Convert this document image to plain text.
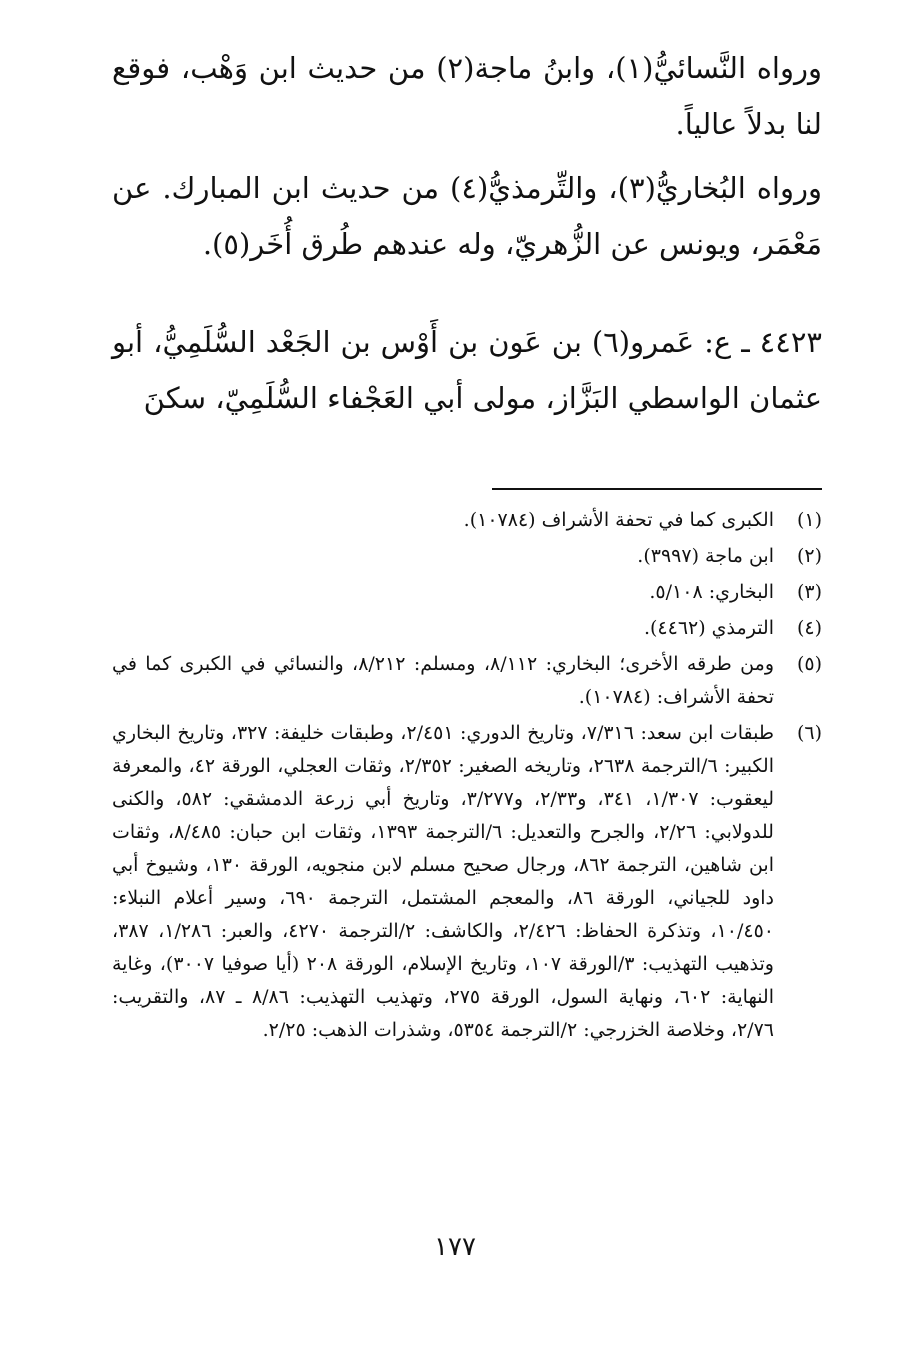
ورواه النَّسائيُّ(١)، وابنُ ماجة(٢) من حديث ابن وَهْب، فوقع لنا بدلاً عالياً.

ورواه البُخاريُّ(٣)، والتِّرمذيُّ(٤) من حديث ابن المبارك. عن مَعْمَر، ويونس عن الزُّهريّ، وله عندهم طُرق أُخَر(٥).

٤٤٢٣ ـ ع: عَمرو(٦) بن عَون بن أَوْس بن الجَعْد السُّلَمِيُّ، أبو عثمان الواسطي البَزَّاز، مولى أبي العَجْفاء السُّلَمِيّ، سكنَ

(١)
الكبرى كما في تحفة الأشراف (١٠٧٨٤).
(٢)
ابن ماجة (٣٩٩٧).
(٣)
البخاري: ٥/١٠٨.
(٤)
الترمذي (٤٤٦٢).
(٥)
ومن طرقه الأخرى؛ البخاري: ٨/١١٢، ومسلم: ٨/٢١٢، والنسائي في الكبرى كما في تحفة الأشراف: (١٠٧٨٤).
(٦)
طبقات ابن سعد: ٧/٣١٦، وتاريخ الدوري: ٢/٤٥١، وطبقات خليفة: ٣٢٧، وتاريخ البخاري الكبير: ٦/الترجمة ٢٦٣٨، وتاريخه الصغير: ٢/٣٥٢، وثقات العجلي، الورقة ٤٢، والمعرفة ليعقوب: ١/٣٠٧، ٣٤١، و٢/٣٣، و٣/٢٧٧، وتاريخ أبي زرعة الدمشقي: ٥٨٢، والكنى للدولابي: ٢/٢٦، والجرح والتعديل: ٦/الترجمة ١٣٩٣، وثقات ابن حبان: ٨/٤٨٥، وثقات ابن شاهين، الترجمة ٨٦٢، ورجال صحيح مسلم لابن منجويه، الورقة ١٣٠، وشيوخ أبي داود للجياني، الورقة ٨٦، والمعجم المشتمل، الترجمة ٦٩٠، وسير أعلام النبلاء: ١٠/٤٥٠، وتذكرة الحفاظ: ٢/٤٢٦، والكاشف: ٢/الترجمة ٤٢٧٠، والعبر: ١/٢٨٦، ٣٨٧، وتذهيب التهذيب: ٣/الورقة ١٠٧، وتاريخ الإسلام، الورقة ٢٠٨ (أيا صوفيا ٣٠٠٧)، وغاية النهاية: ٦٠٢، ونهاية السول، الورقة ٢٧٥، وتهذيب التهذيب: ٨/٨٦ ـ ٨٧، والتقريب: ٢/٧٦، وخلاصة الخزرجي: ٢/الترجمة ٥٣٥٤، وشذرات الذهب: ٢/٢٥.
١٧٧
